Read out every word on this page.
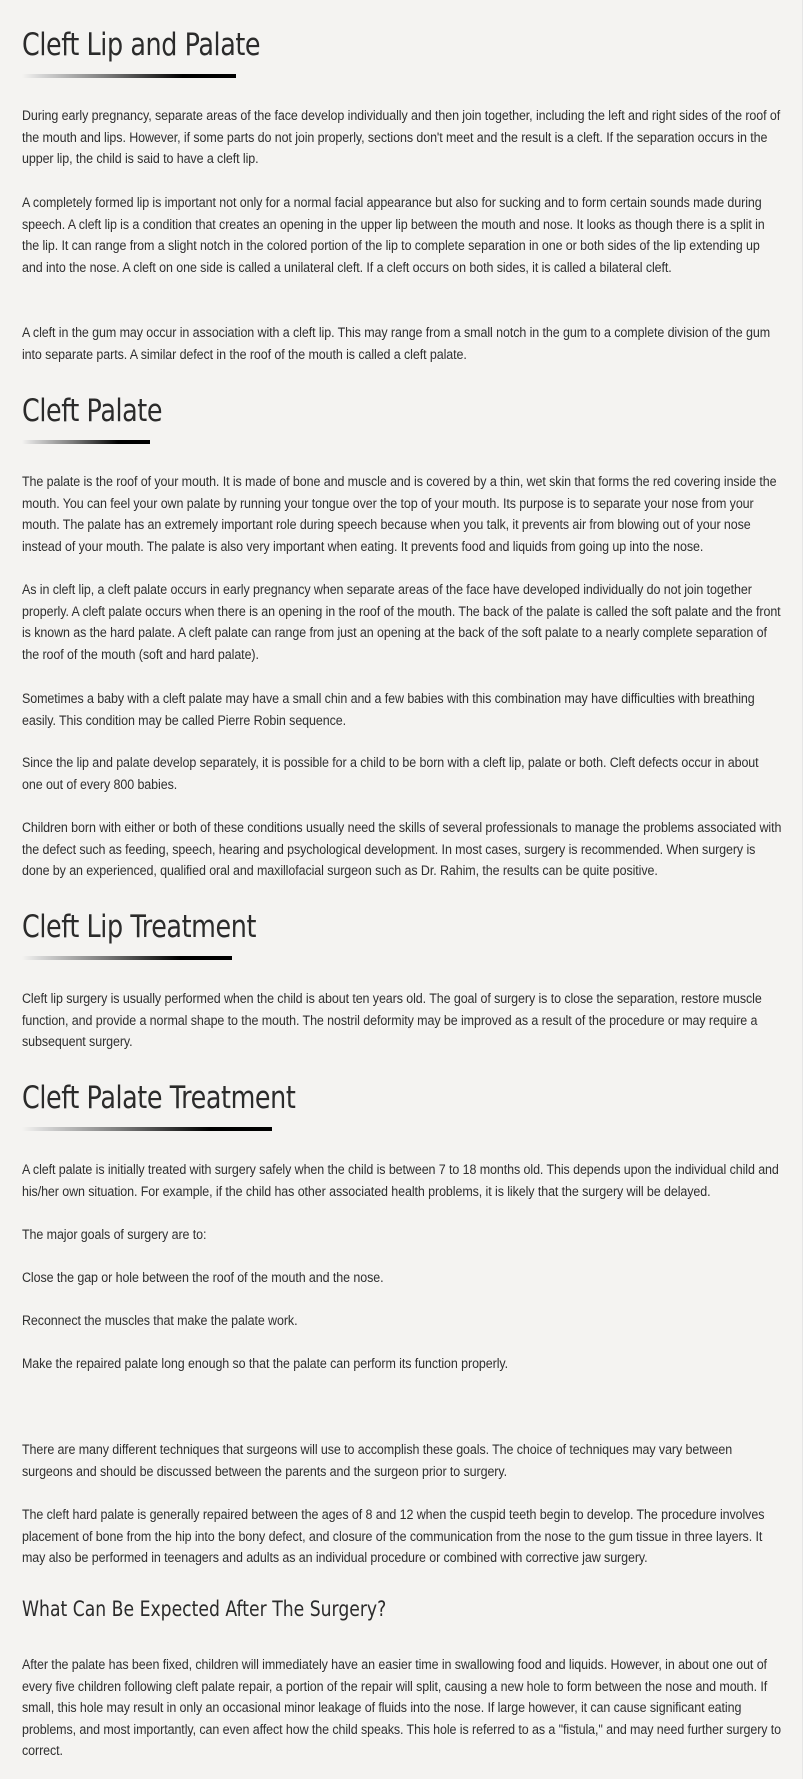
Cleft Lip and Palate

During early pregnancy, separate areas of the face develop individually and then join together, including the left and right sides of the roof of the mouth and lips. However, if some parts do not join properly, sections don't meet and the result is a cleft. If the separation occurs in the upper lip, the child is said to have a cleft lip.

A completely formed lip is important not only for a normal facial appearance but also for sucking and to form certain sounds made during speech. A cleft lip is a condition that creates an opening in the upper lip between the mouth and nose. It looks as though there is a split in the lip. It can range from a slight notch in the colored portion of the lip to complete separation in one or both sides of the lip extending up and into the nose. A cleft on one side is called a unilateral cleft. If a cleft occurs on both sides, it is called a bilateral cleft.

A cleft in the gum may occur in association with a cleft lip. This may range from a small notch in the gum to a complete division of the gum into separate parts. A similar defect in the roof of the mouth is called a cleft palate.

Cleft Palate

The palate is the roof of your mouth. It is made of bone and muscle and is covered by a thin, wet skin that forms the red covering inside the mouth. You can feel your own palate by running your tongue over the top of your mouth. Its purpose is to separate your nose from your mouth. The palate has an extremely important role during speech because when you talk, it prevents air from blowing out of your nose instead of your mouth. The palate is also very important when eating. It prevents food and liquids from going up into the nose.

As in cleft lip, a cleft palate occurs in early pregnancy when separate areas of the face have developed individually do not join together properly. A cleft palate occurs when there is an opening in the roof of the mouth. The back of the palate is called the soft palate and the front is known as the hard palate. A cleft palate can range from just an opening at the back of the soft palate to a nearly complete separation of the roof of the mouth (soft and hard palate).

Sometimes a baby with a cleft palate may have a small chin and a few babies with this combination may have difficulties with breathing easily. This condition may be called Pierre Robin sequence.

Since the lip and palate develop separately, it is possible for a child to be born with a cleft lip, palate or both. Cleft defects occur in about one out of every 800 babies.

Children born with either or both of these conditions usually need the skills of several professionals to manage the problems associated with the defect such as feeding, speech, hearing and psychological development. In most cases, surgery is recommended. When surgery is done by an experienced, qualified oral and maxillofacial surgeon such as Dr. Rahim, the results can be quite positive.

Cleft Lip Treatment

Cleft lip surgery is usually performed when the child is about ten years old. The goal of surgery is to close the separation, restore muscle function, and provide a normal shape to the mouth. The nostril deformity may be improved as a result of the procedure or may require a subsequent surgery.

Cleft Palate Treatment

A cleft palate is initially treated with surgery safely when the child is between 7 to 18 months old. This depends upon the individual child and his/her own situation. For example, if the child has other associated health problems, it is likely that the surgery will be delayed.

The major goals of surgery are to:

Close the gap or hole between the roof of the mouth and the nose.

Reconnect the muscles that make the palate work.

Make the repaired palate long enough so that the palate can perform its function properly.

There are many different techniques that surgeons will use to accomplish these goals. The choice of techniques may vary between surgeons and should be discussed between the parents and the surgeon prior to surgery.

The cleft hard palate is generally repaired between the ages of 8 and 12 when the cuspid teeth begin to develop. The procedure involves placement of bone from the hip into the bony defect, and closure of the communication from the nose to the gum tissue in three layers. It may also be performed in teenagers and adults as an individual procedure or combined with corrective jaw surgery.

What Can Be Expected After The Surgery?

After the palate has been fixed, children will immediately have an easier time in swallowing food and liquids. However, in about one out of every five children following cleft palate repair, a portion of the repair will split, causing a new hole to form between the nose and mouth. If small, this hole may result in only an occasional minor leakage of fluids into the nose. If large however, it can cause significant eating problems, and most importantly, can even affect how the child speaks. This hole is referred to as a "fistula," and may need further surgery to correct.
